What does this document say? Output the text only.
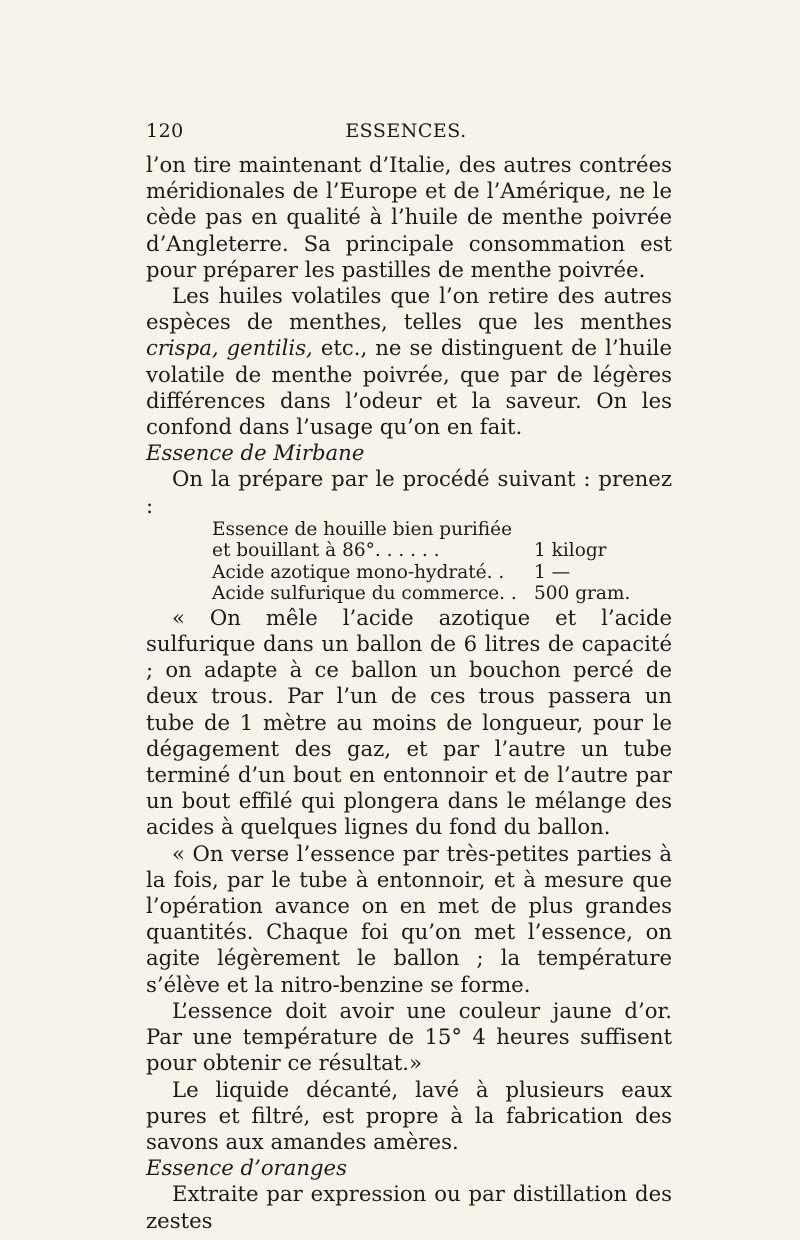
120	ESSENCES.

l’on tire maintenant d’Italie, des autres contrées méridionales de l’Europe et de l’Amérique, ne le cède pas en qualité à l’huile de menthe poivrée d’Angleterre. Sa principale consommation est pour préparer les pastilles de menthe poivrée.

Les huiles volatiles que l’on retire des autres espèces de menthes, telles que les menthes crispa, gentilis, etc., ne se distinguent de l’huile volatile de menthe poivrée, que par de légères différences dans l’odeur et la saveur. On les confond dans l’usage qu’on en fait.

Essence de Mirbane

On la prépare par le procédé suivant : prenez :

Essence de houille bien purifiée
et bouillant à 86°. . . . . .	1 kilogr
Acide azotique mono-hydraté. . 1 —
Acide sulfurique du commerce. . 500 gram.

« On mêle l’acide azotique et l’acide sulfurique dans un ballon de 6 litres de capacité ; on adapte à ce ballon un bouchon percé de deux trous. Par l’un de ces trous passera un tube de 1 mètre au moins de longueur, pour le dégagement des gaz, et par l’autre un tube terminé d’un bout en entonnoir et de l’autre par un bout effilé qui plongera dans le mélange des acides à quelques lignes du fond du ballon.

« On verse l’essence par très-petites parties à la fois, par le tube à entonnoir, et à mesure que l’opération avance on en met de plus grandes quantités. Chaque foi qu’on met l’essence, on agite légèrement le ballon ; la température s’élève et la nitro-benzine se forme.

L’essence doit avoir une couleur jaune d’or. Par une température de 15° 4 heures suffisent pour obtenir ce résultat.»

Le liquide décanté, lavé à plusieurs eaux pures et filtré, est propre à la fabrication des savons aux amandes amères.

Essence d’oranges

Extraite par expression ou par distillation des zestes
